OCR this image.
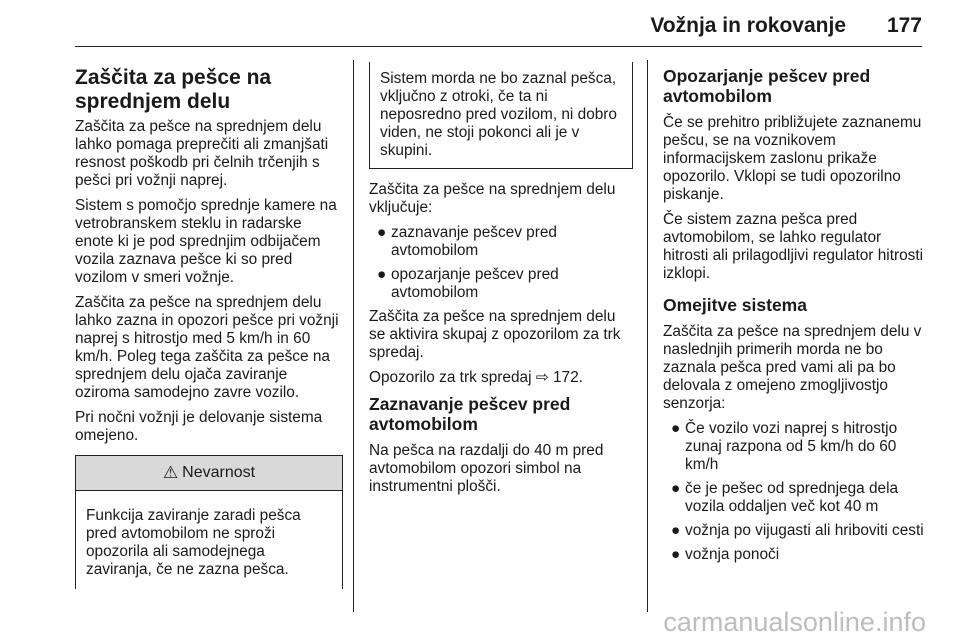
Vožnja in rokovanje 177
Zaščita za pešce na sprednjem delu

Zaščita za pešce na sprednjem delu lahko pomaga preprečiti ali zmanjšati resnost poškodb pri čelnih trčenjih s pešci pri vožnji naprej.

Sistem s pomočjo sprednje kamere na vetrobranskem steklu in radarske enote ki je pod sprednjim odbijačem vozila zaznava pešce ki so pred vozilom v smeri vožnje.

Zaščita za pešce na sprednjem delu lahko zazna in opozori pešce pri vožnji naprej s hitrostjo med 5 km/h in 60 km/h. Poleg tega zaščita za pešce na sprednjem delu ojača zaviranje oziroma samodejno zavre vozilo.

Pri nočni vožnji je delovanje sistema omejeno.

⚠ Nevarnost
Funkcija zaviranje zaradi pešca pred avtomobilom ne sproži opozorila ali samodejnega zaviranja, če ne zazna pešca.
Sistem morda ne bo zaznal pešca, vključno z otroki, če ta ni neposredno pred vozilom, ni dobro viden, ne stoji pokonci ali je v skupini.

Zaščita za pešce na sprednjem delu vključuje:

● zaznavanje pešcev pred avtomobilom
● opozarjanje pešcev pred avtomobilom

Zaščita za pešce na sprednjem delu se aktivira skupaj z opozorilom za trk spredaj.

Opozorilo za trk spredaj ⇨ 172.

Zaznavanje pešcev pred avtomobilom

Na pešca na razdalji do 40 m pred avtomobilom opozori simbol na instrumentni plošči.

Opozarjanje pešcev pred avtomobilom

Če se prehitro približujete zaznanemu pešcu, se na voznikovem informacijskem zaslonu prikaže opozorilo. Vklopi se tudi opozorilno piskanje.

Če sistem zazna pešca pred avtomobilom, se lahko regulator hitrosti ali prilagodljivi regulator hitrosti izklopi.

Omejitve sistema

Zaščita za pešce na sprednjem delu v naslednjih primerih morda ne bo zaznala pešca pred vami ali pa bo delovala z omejeno zmogljivostjo senzorja:

● Če vozilo vozi naprej s hitrostjo zunaj razpona od 5 km/h do 60 km/h
● če je pešec od sprednjega dela vozila oddaljen več kot 40 m
● vožnja po vijugasti ali hriboviti cesti
● vožnja ponoči
carmanualsonline.info
